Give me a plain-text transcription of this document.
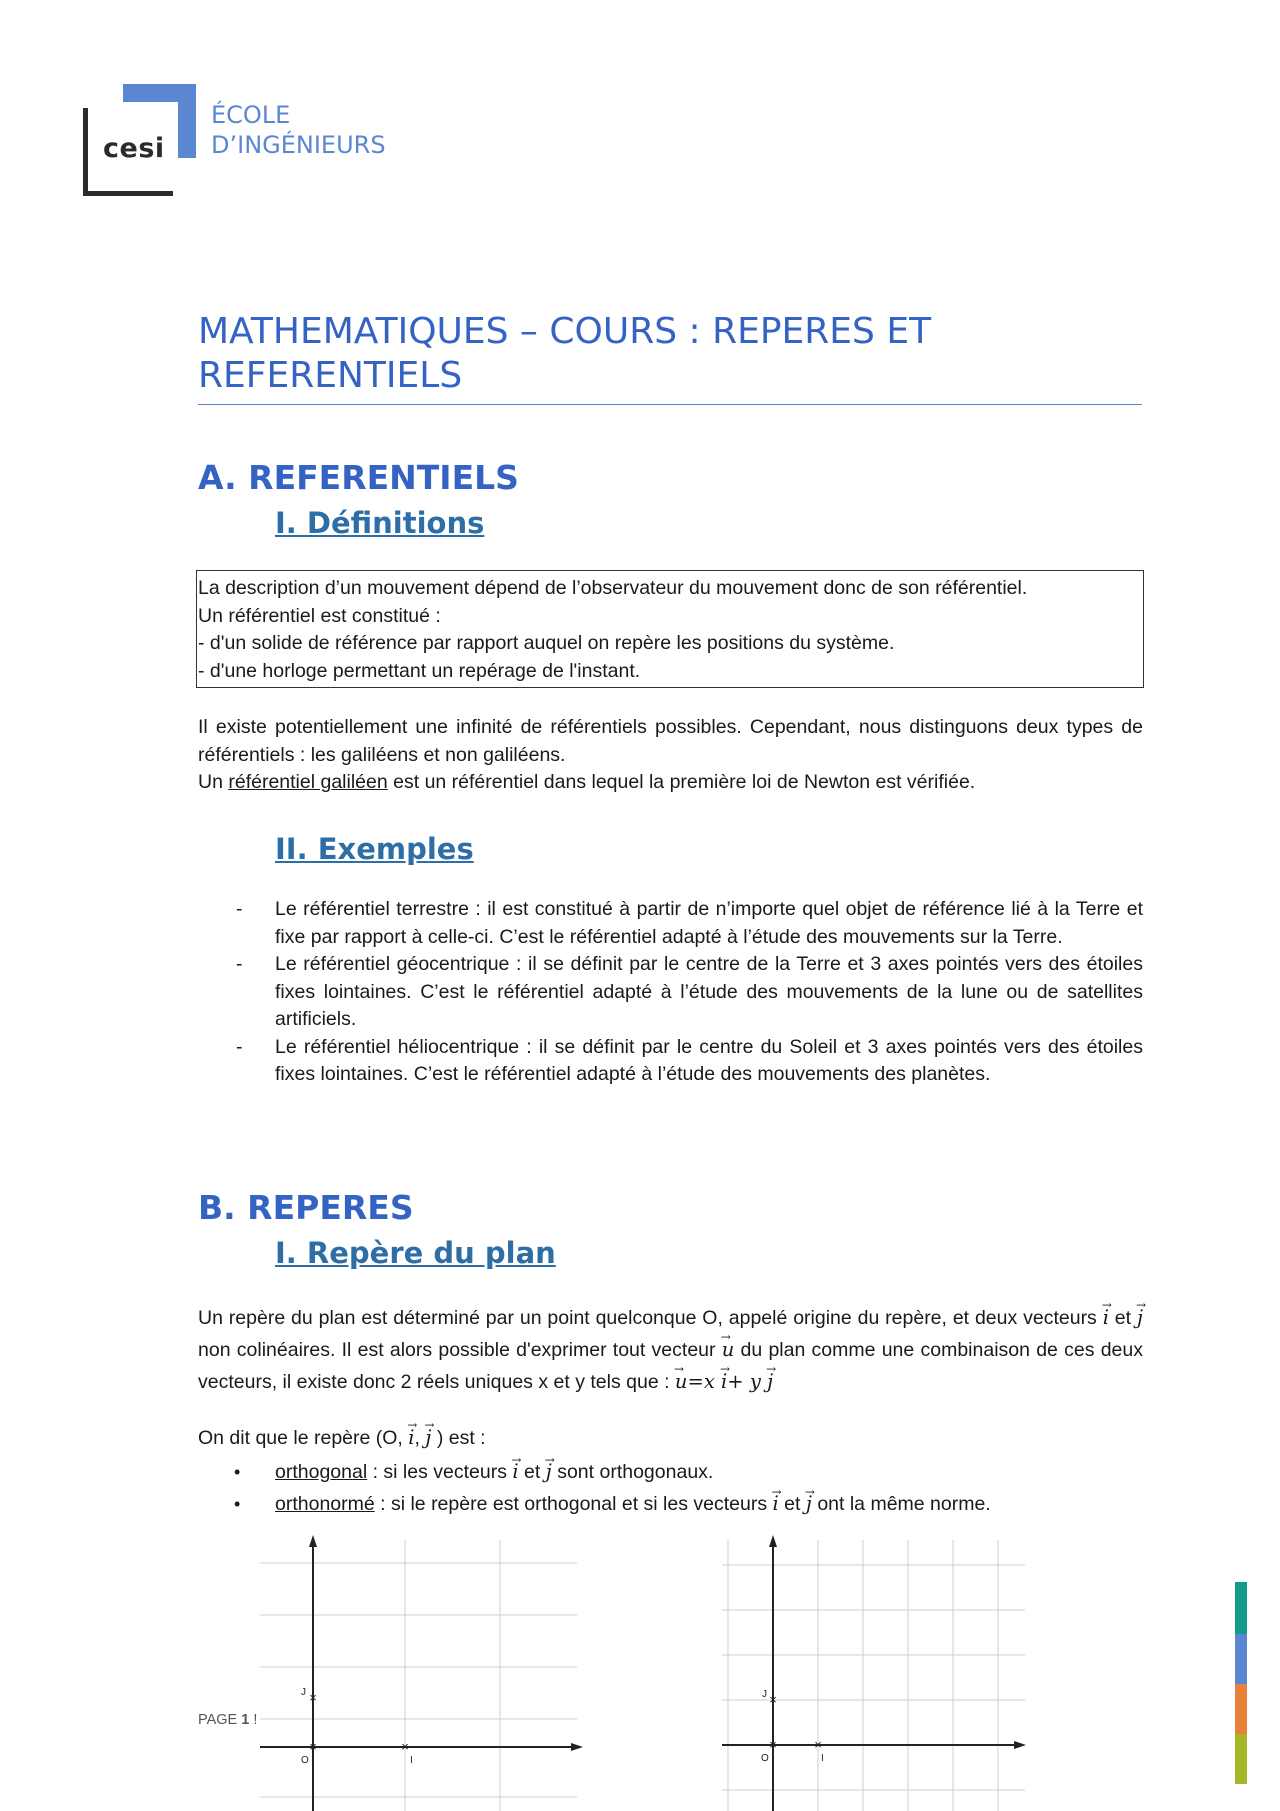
cesi
ÉCOLE
D’INGÉNIEURS
MATHEMATIQUES – COURS : REPERES ET
REFERENTIELS
A. REFERENTIELS
I. Définitions
La description d’un mouvement dépend de l’observateur du mouvement donc de son référentiel.
Un référentiel est constitué :
- d'un solide de référence par rapport auquel on repère les positions du système.
- d'une horloge permettant un repérage de l'instant.
Il existe potentiellement une infinité de référentiels possibles. Cependant, nous distinguons deux types de référentiels : les galiléens et non galiléens.
Un référentiel galiléen est un référentiel dans lequel la première loi de Newton est vérifiée.
II. Exemples
- Le référentiel terrestre : il est constitué à partir de n’importe quel objet de référence lié à la Terre et fixe par rapport à celle-ci. C’est le référentiel adapté à l’étude des mouvements sur la Terre.
- Le référentiel géocentrique : il se définit par le centre de la Terre et 3 axes pointés vers des étoiles fixes lointaines. C’est le référentiel adapté à l’étude des mouvements de la lune ou de satellites artificiels.
- Le référentiel héliocentrique : il se définit par le centre du Soleil et 3 axes pointés vers des étoiles fixes lointaines. C’est le référentiel adapté à l’étude des mouvements des planètes.
B. REPERES
I. Repère du plan
Un repère du plan est déterminé par un point quelconque O, appelé origine du repère, et deux vecteurs → i et → j non colinéaires. Il est alors possible d'exprimer tout vecteur → u du plan comme une combinaison de ces deux vecteurs, il existe donc 2 réels uniques x et y tels que : → u=x → i+ y → j
On dit que le repère (O, → i, → j ) est :
• orthogonal : si les vecteurs → i et → j sont orthogonaux.
• orthonormé : si le repère est orthogonal et si les vecteurs → i et → j ont la même norme.
×
×
×
J
I
O
PAGE 1 !
×
×
×
J
I
O
